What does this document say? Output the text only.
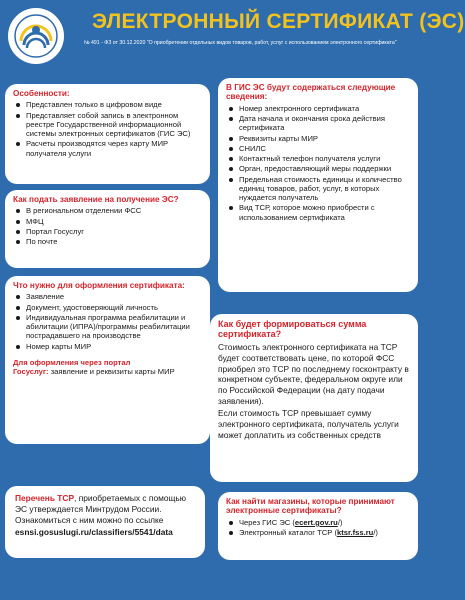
ЭЛЕКТРОННЫЙ СЕРТИФИКАТ (ЭС)
№ 491 - ФЗ от 30.12.2020 "О приобретении отдельных видов товаров, работ, услуг с использованием электронного сертификата"
Особенности:
Представлен только в цифровом виде
Представляет собой запись в электронном реестре Государственной информационной системы электронных сертификатов (ГИС ЭС)
Расчеты производятся через карту МИР получателя услуги
Как подать заявление на получение ЭС?
В региональном отделении ФСС
МФЦ
Портал Госуслуг
По почте
Что нужно для оформления сертификата:
Заявление
Документ, удостоверяющий личность
Индивидуальная программа реабилитации и абилитации (ИПРА)/программы реабилитации пострадавшего на производстве
Номер карты МИР

Для оформления через портал
Госуслуг: заявление и реквизиты карты МИР

В ГИС ЭС будут содержаться следующие сведения:
Номер электронного сертификата
Дата начала и окончания срока действия сертификата
Реквизиты карты МИР
СНИЛС
Контактный телефон получателя услуги
Орган, предоставляющий меры поддержки
Предельная стоимость единицы и количество единиц товаров, работ, услуг, в которых нуждается получатель
Вид ТСР, которое можно приобрести с использованием сертификата
Как будет формироваться сумма сертификата?

Стоимость электронного сертификата на ТСР будет соответствовать цене, по которой ФСС приобрел это ТСР по последнему госконтракту в конкретном субъекте, федеральном округе или по Российской Федерации (на дату подачи заявления).

Если стоимость ТСР превышает сумму электронного сертификата, получатель услуги может доплатить из собственных средств

Перечень ТСР, приобретаемых с помощью ЭС утверждается Минтрудом России. Ознакомиться с ним можно по ссылке

esnsi.gosuslugi.ru/classifiers/5541/data

Как найти магазины, которые принимают электронные сертификаты?
Через ГИС ЭС (ecert.gov.ru/)
Электронный каталог ТСР (ktsr.fss.ru/)
